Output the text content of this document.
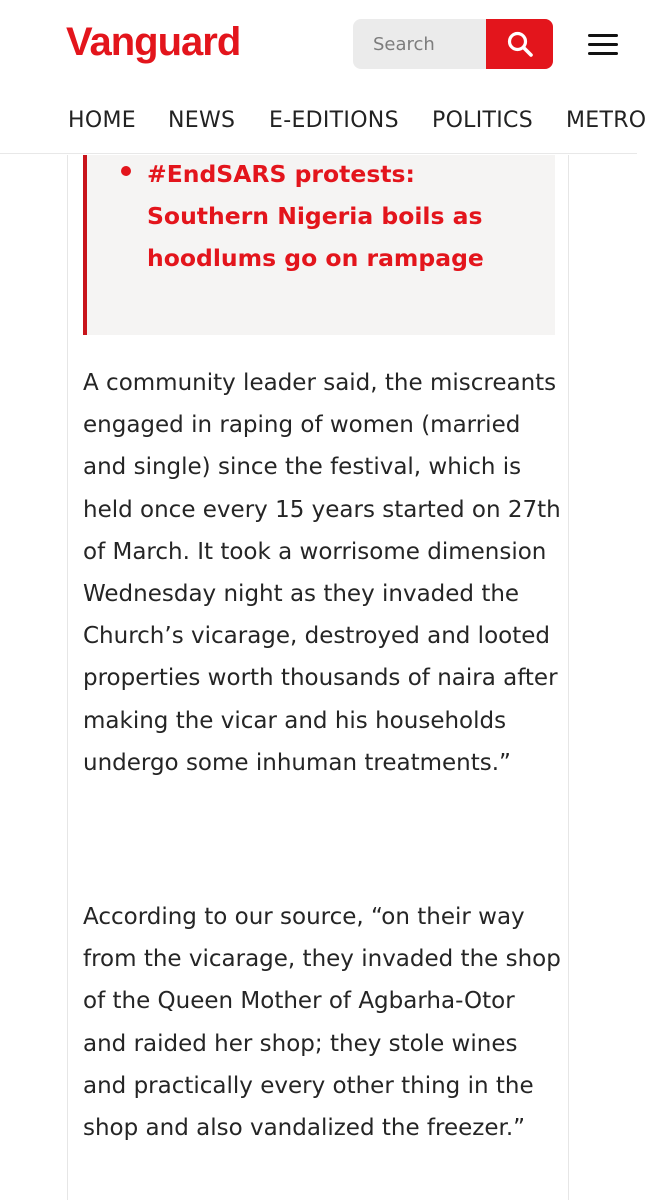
Vanguard
Search
HOME NEWS E-EDITIONS POLITICS METRO
#EndSARS protests: Southern Nigeria boils as hoodlums go on rampage

A community leader said, the miscreants engaged in raping of women (married and single) since the festival, which is held once every 15 years started on 27th of March. It took a worrisome dimension Wednesday night as they invaded the Church’s vicarage, destroyed and looted properties worth thousands of naira after making the vicar and his households undergo some inhuman treatments.”

According to our source, “on their way from the vicarage, they invaded the shop of the Queen Mother of Agbarha-Otor and raided her shop; they stole wines and practically every other thing in the shop and also vandalized the freezer.”
